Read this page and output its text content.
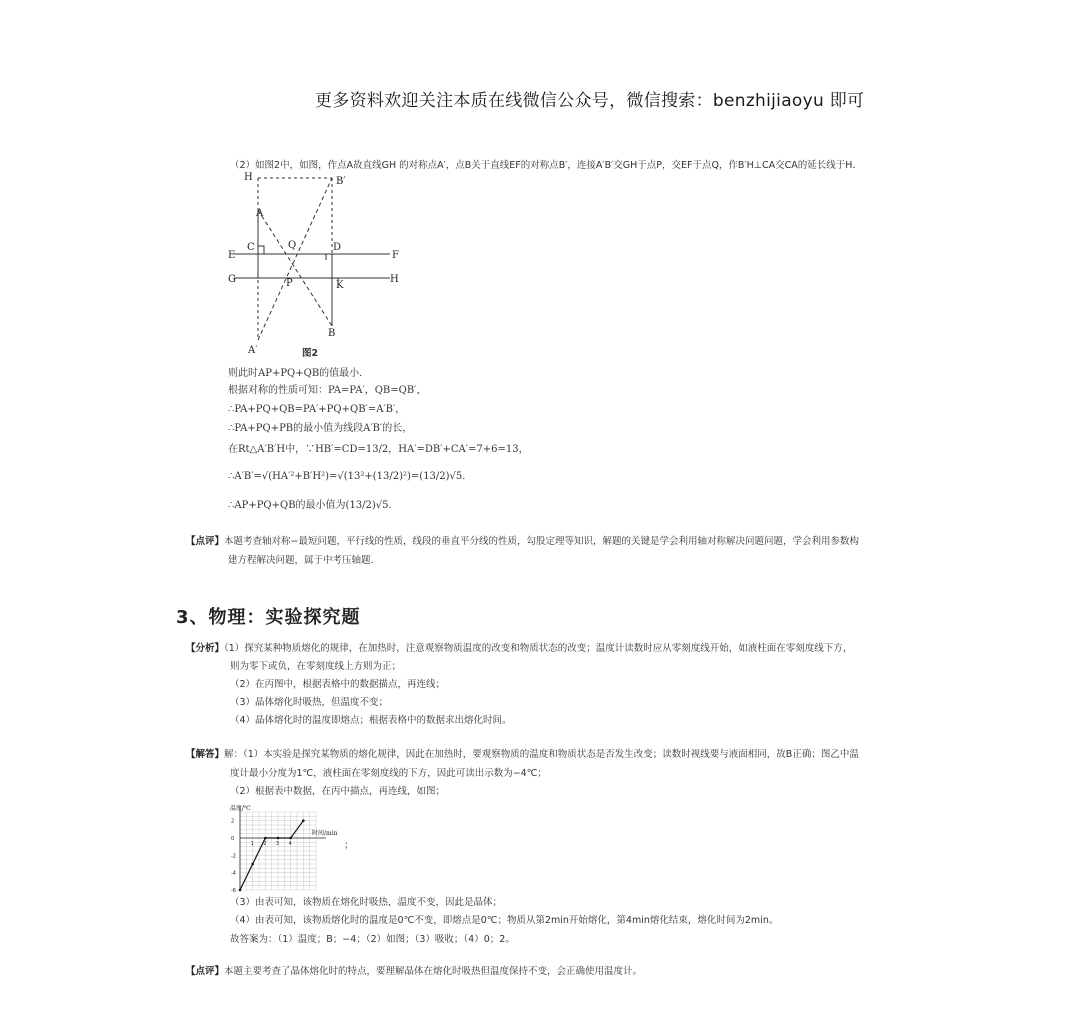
更多资料欢迎关注本质在线微信公众号，微信搜索：benzhijiaoyu 即可
（2）如图2中，如图，作点A故直线GH 的对称点A′，点B关于直线EF的对称点B′，连接A′B′交GH于点P，交EF于点Q，作B′H⊥CA交CA的延长线于H．
H	B′
A
E
C	Q	D
F
G	P	K
H
B
A′	图2
则此时AP+PQ+QB的值最小．
根据对称的性质可知：PA=PA′，QB=QB′，
∴PA+PQ+QB=PA′+PQ+QB′=A′B′，
∴PA+PQ+PB的最小值为线段A′B′的长，
在Rt△A′B′H中，∵HB′=CD=13/2，HA′=DB′+CA′=7+6=13，
∴A′B′=√(HA′²+B′H²)=√(13²+(13/2)²)=(13/2)√5．
∴AP+PQ+QB的最小值为(13/2)√5．
【点评】本题考查轴对称−最短问题，平行线的性质，线段的垂直平分线的性质，勾股定理等知识，解题的关键是学会利用轴对称解决问题问题，学会利用参数构
建方程解决问题，属于中考压轴题．
3、物理：实验探究题
【分析】（1）探究某种物质熔化的规律，在加热时，注意观察物质温度的改变和物质状态的改变；温度计读数时应从零刻度线开始，如液柱面在零刻度线下方，
则为零下或负，在零刻度线上方则为正；
（2）在丙图中，根据表格中的数据描点，再连线；
（3）晶体熔化时吸热，但温度不变；
（4）晶体熔化时的温度即熔点；根据表格中的数据求出熔化时间。
【解答】解：（1）本实验是探究某物质的熔化规律，因此在加热时，要观察物质的温度和物质状态是否发生改变；读数时视线要与液面相同，故B正确；图乙中温
度计最小分度为1℃，液柱面在零刻度线的下方，因此可读出示数为−4℃；
（2）根据表中数据，在丙中描点，再连线，如图；
2
0
-2
-4
-6
1 2 3 4
温度/℃
时间/min
；
（3）由表可知，该物质在熔化时吸热，温度不变，因此是晶体；
（4）由表可知，该物质熔化时的温度是0℃不变，即熔点是0℃；物质从第2min开始熔化，第4min熔化结束，熔化时间为2min。
故答案为：（1）温度；B；−4；（2）如图；（3）吸收；（4）0；2。
【点评】本题主要考查了晶体熔化时的特点，要理解晶体在熔化时吸热但温度保持不变，会正确使用温度计。
